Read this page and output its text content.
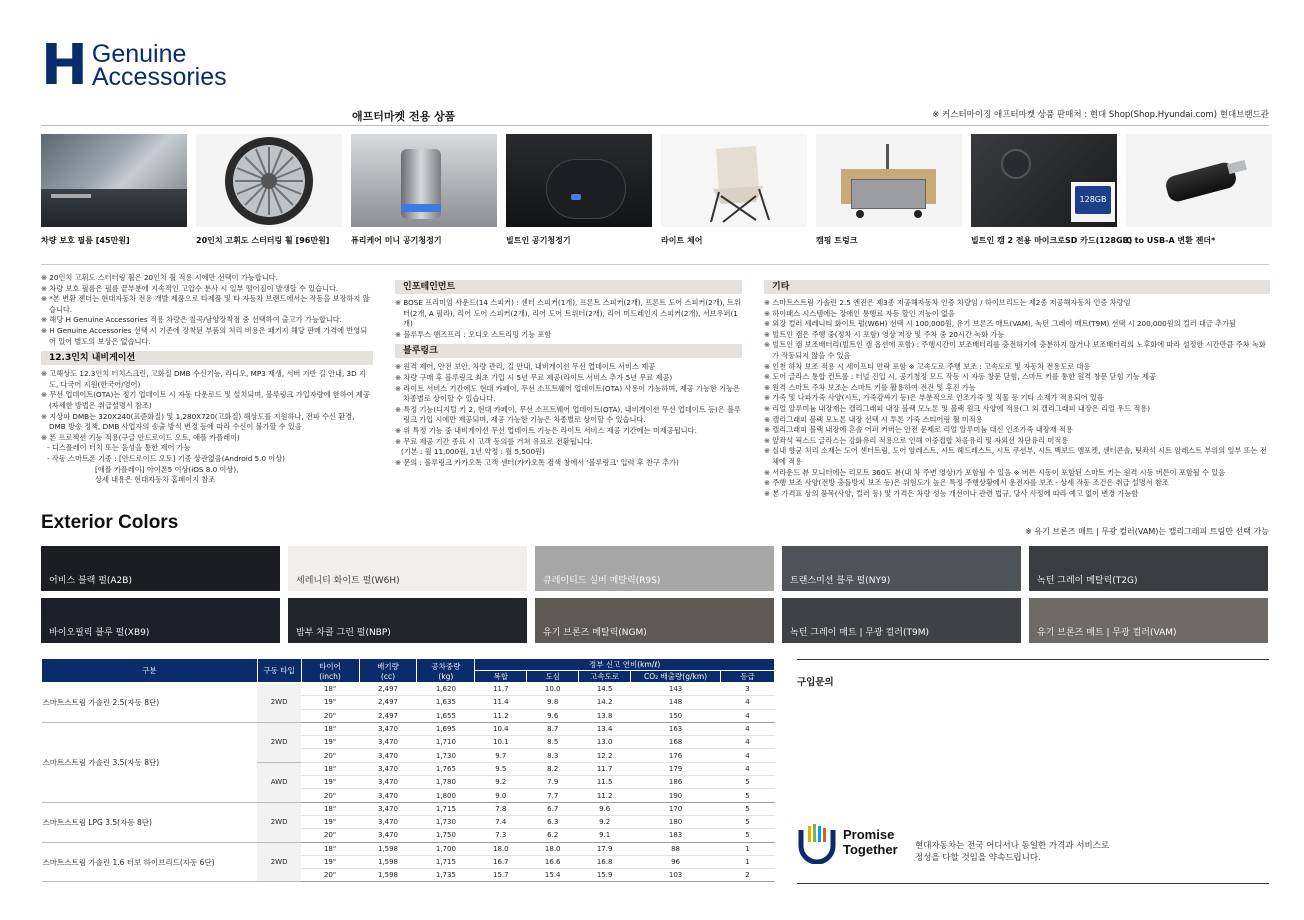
H Genuine
Accessories
애프터마켓 전용 상품	※ 커스터마이징 애프터마켓 상품 판매처 : 현대 Shop(Shop.Hyundai.com) 현대브랜드관
차량 보호 필름 [45만원]	20인치 고휘도 스터터링 휠 [96만원]	퓨리케어 미니 공기청정기	빌트인 공기청정기	라이트 체어	캠핑 트렁크
128GB
빌트인 캠 2 전용 마이크로SD 카드(128GB)
C to USB-A 변환 젠더*
※ 20인치 고휘도 스터터링 휠은 20인치 휠 적용 시에만 선택이 가능합니다.
※ 차량 보호 필름은 필름 끝부분에 지속적인 고압수 분사 시 일부 떨어짐이 발생할 수 있습니다.
※ *본 변환 젠더는 현대자동차 전용 개발 제품으로 타제품 및 타 자동차 브랜드에서는 작동을 보장하지 않습니다.
※ 해당 H Genuine Accessories 적용 차량은 칠곡/남양장착점 중 선택하여 출고가 가능합니다.
※ H Genuine Accessories 선택 시 기존에 장착된 부품의 처리 비용은 패키지 해당 판매 가격에 반영되어 있어 별도의 보상은 없습니다.
12.3인치 내비게이션
※ 고해상도 12.3인치 터치스크린, 고화질 DMB 수신기능, 라디오, MP3 재생, 서버 기반 길 안내, 3D 지도, 다국어 지원(한국어/영어)
※ 무선 업데이트(OTA)는 정기 업데이트 시 자동 다운로드 및 설치되며, 블루링크 가입자량에 한하여 제공(자세한 방법은 취급설명서 참조)
※ 지상파 DMB는 320X240(표준화질) 및 1,280X720(고화질) 해상도를 지원하나, 전파 수신 환경, DMB 방송 정책, DMB 사업자의 송출 방식 변경 등에 따라 수신이 불가할 수 있음
※ 폰 프로젝션 기능 적용(구글 안드로이드 오토, 애플 카플레이)
- 디스플레이 터치 또는 음성을 통한 제어 가능
- 작동 스마트폰 기종 : [안드로이드 오토] 기종 상관없음(Android 5.0 이상)
[애플 카플레이] 아이폰5 이상(iOS 8.0 이상),
상세 내용은 현대자동차 홈페이지 참조
인포테인먼트
※ BOSE 프리미엄 사운드(14 스피커) : 센터 스피커(1개), 프론트 스피커(2개), 프론트 도어 스피커(2개), 트위터(2개, A 필라), 리어 도어 스피커(2개), 리어 도어 트위터(2개), 리어 미드레인지 스피커(2개), 서브우퍼(1개)
※ 블루투스 핸즈프리 : 오디오 스트리밍 기능 포함
블루링크
※ 원격 제어, 안전 보안, 차량 관리, 길 안내, 내비게이션 무선 업데이트 서비스 제공
※ 차량 구매 후 블루링크 최초 가입 시 5년 무료 제공(라이트 서비스 추가 5년 무료 제공)
※ 라이트 서비스 기간에도 현대 카페이, 무선 소프트웨어 업데이트(OTA) 사용이 가능하며, 제공 가능한 기능은 차종별로 상이할 수 있습니다.
※ 특정 기능(디지털 키 2, 현대 카페이, 무선 소프트웨어 업데이트(OTA), 내비게이션 무선 업데이트 등)은 블루링크 가입 시에만 제공되며, 제공 가능한 기능은 차종별로 상이할 수 있습니다.
※ 위 특정 기능 중 내비게이션 무선 업데이트 기능은 라이트 서비스 제공 기간에는 미제공됩니다.
※ 무료 제공 기간 종료 시 고객 동의를 거쳐 유료로 전환됩니다.
(기본 : 월 11,000원, 1년 약정 : 월 5,500원)
※ 문의 : 블루링크 카카오톡 고객 센터(카카오톡 검색 창에서 '블루링크' 입력 후 친구 추가)
기타
※ 스마트스트림 가솔린 2.5 엔진은 제3종 저공해자동차 인증 차량임 / 하이브리드는 제2종 저공해자동차 인증 차량임
※ 하이패스 시스템에는 장애인 통행료 자동 할인 기능이 없음
※ 외장 컬러 세레니티 화이트 펄(W6H) 선택 시 100,000원, 유기 브론즈 매트(VAM), 녹턴 그레이 매트(T9M) 선택 시 200,000원의 컬러 대금 추가됨
※ 빌트인 캠은 주행 중(정차 시 포함) 영상 저장 및 주차 중 20시간 녹화 가능
※ 빌트인 캠 보조배터리(빌트인 캠 옵션에 포함) : 주행시간이 보조배터리를 충전하기에 충분하지 않거나 보조배터리의 노후화에 따라 설정한 시간만큼 주차 녹화가 작동되지 않을 수 있음
※ 인천 하차 보조 적용 시 세이프티 언락 포함 ※ 고속도로 주행 보조 : 고속도로 및 자동차 전용도로 대응
※ 도어 글라스 통합 컨트롤 : 터널 진입 시, 공기청정 모드 작동 시 자동 창문 닫힘, 스마트 키를 통한 원격 창문 닫힘 기능 제공
※ 원격 스마트 주차 보조는 스마트 키를 활용하여 전진 및 후진 가능
※ 가죽 및 나파가죽 사양(시트, 가죽감싸기 등)은 부분적으로 인조가죽 및 직물 등 기타 소재가 적용되어 있음
※ 리얼 알루미늄 내장재는 캘리그래피 내장 블랙 모노톤 및 블랙 원크 사양에 적용(그 외 캘리그래피 내장은 리얼 우드 적용)
※ 캘리그래피 블랙 모노톤 내장 선택 시 투톤 가죽 스티어링 휠 미적용
※ 캘리그래피 블랙 내장에 흔솔 어퍼 커버는 안전 문제로 리얼 알루미늄 대신 인조가죽 내장재 적용
※ 앞좌석 픽스드 글라스는 강화유리 적용으로 인해 이중접합 차음유리 및 자외선 차단유리 미적용
※ 실내 향균 처리 소재는 도어 센터트림, 도어 암레스트, 시트 헤드레스트, 시트 쿠션부, 시트 백보드 앰포켓, 센터콘솔, 팃좌석 시트 암레스트 부위의 일부 또는 전체에 적용
※ 서라운드 뷰 모니터에는 리모트 360도 뷰(내 차 주변 영상)가 포함될 수 있음 ※ 버튼 시동이 포함된 스마트 키는 원격 시동 버튼이 포함될 수 있음
※ 주행 보조 사양(전방 충돌방지 보조 등)은 위험도가 높은 특정 주행상황에서 운전자를 보조 - 상세 작동 조건은 취급 설명서 참조
※ 본 가격표 상의 품목(사양, 컬러 등) 및 가격은 차량 성능 개선이나 관련 법규, 당사 사정에 따라 예고 없이 변경 가능함
Exterior Colors	※ 유기 브론즈 매트 | 무광 컬러(VAM)는 캘리그래피 트림만 선택 가능
어비스 블랙 펄(A2B)	세레니티 화이트 펄(W6H)	큐레이티드 실버 메탈릭(R9S)	트랜스미션 블루 펄(NY9)	녹턴 그레이 메탈릭(T2G)
바이오필릭 블루 펄(XB9)	밤부 차콜 그린 펄(NBP)	유기 브론즈 메탈릭(NGM)	녹턴 그레이 매트 | 무광 컬러(T9M)	유기 브론즈 매트 | 무광 컬러(VAM)
구분	구동 타입	타이어
(inch)	배기량
(cc)	공차중량
(kg)	정부 신고 연비(km/ℓ)				
					복합	도심	고속도로	CO₂ 배출량(g/km)	등급
스마트스트림 가솔린 2.5(자동 8단)	2WD	18"	2,497	1,620	11.7	10.0	14.5	143	3
		19"	2,497	1,635	11.4	9.8	14.2	148	4
		20"	2,497	1,655	11.2	9.6	13.8	150	4
스마트스트림 가솔린 3.5(자동 8단)	2WD	18"	3,470	1,695	10.4	8.7	13.4	163	4
		19"	3,470	1,710	10.1	8.5	13.0	168	4
		20"	3,470	1,730	9.7	8.3	12.2	176	4
	AWD	18"	3,470	1,765	9.5	8.2	11.7	179	4
		19"	3,470	1,780	9.2	7.9	11.5	186	5
		20"	3,470	1,800	9.0	7.7	11.2	190	5
스마트스트림 LPG 3.5(자동 8단)	2WD	18"	3,470	1,715	7.8	6.7	9.6	170	5
		19"	3,470	1,730	7.4	6.3	9.2	180	5
		20"	3,470	1,750	7.3	6.2	9.1	183	5
스마트스트림 가솔린 1.6 터보 하이브리드(자동 6단)	2WD	18"	1,598	1,700	18.0	18.0	17.9	88	1
		19"	1,598	1,715	16.7	16.6	16.8	96	1
		20"	1,598	1,735	15.7	15.4	15.9	103	2
구입문의
Promise
Together 현대자동차는 전국 어디서나 동일한 가격과 서비스로
정성을 다할 것임을 약속드립니다.
